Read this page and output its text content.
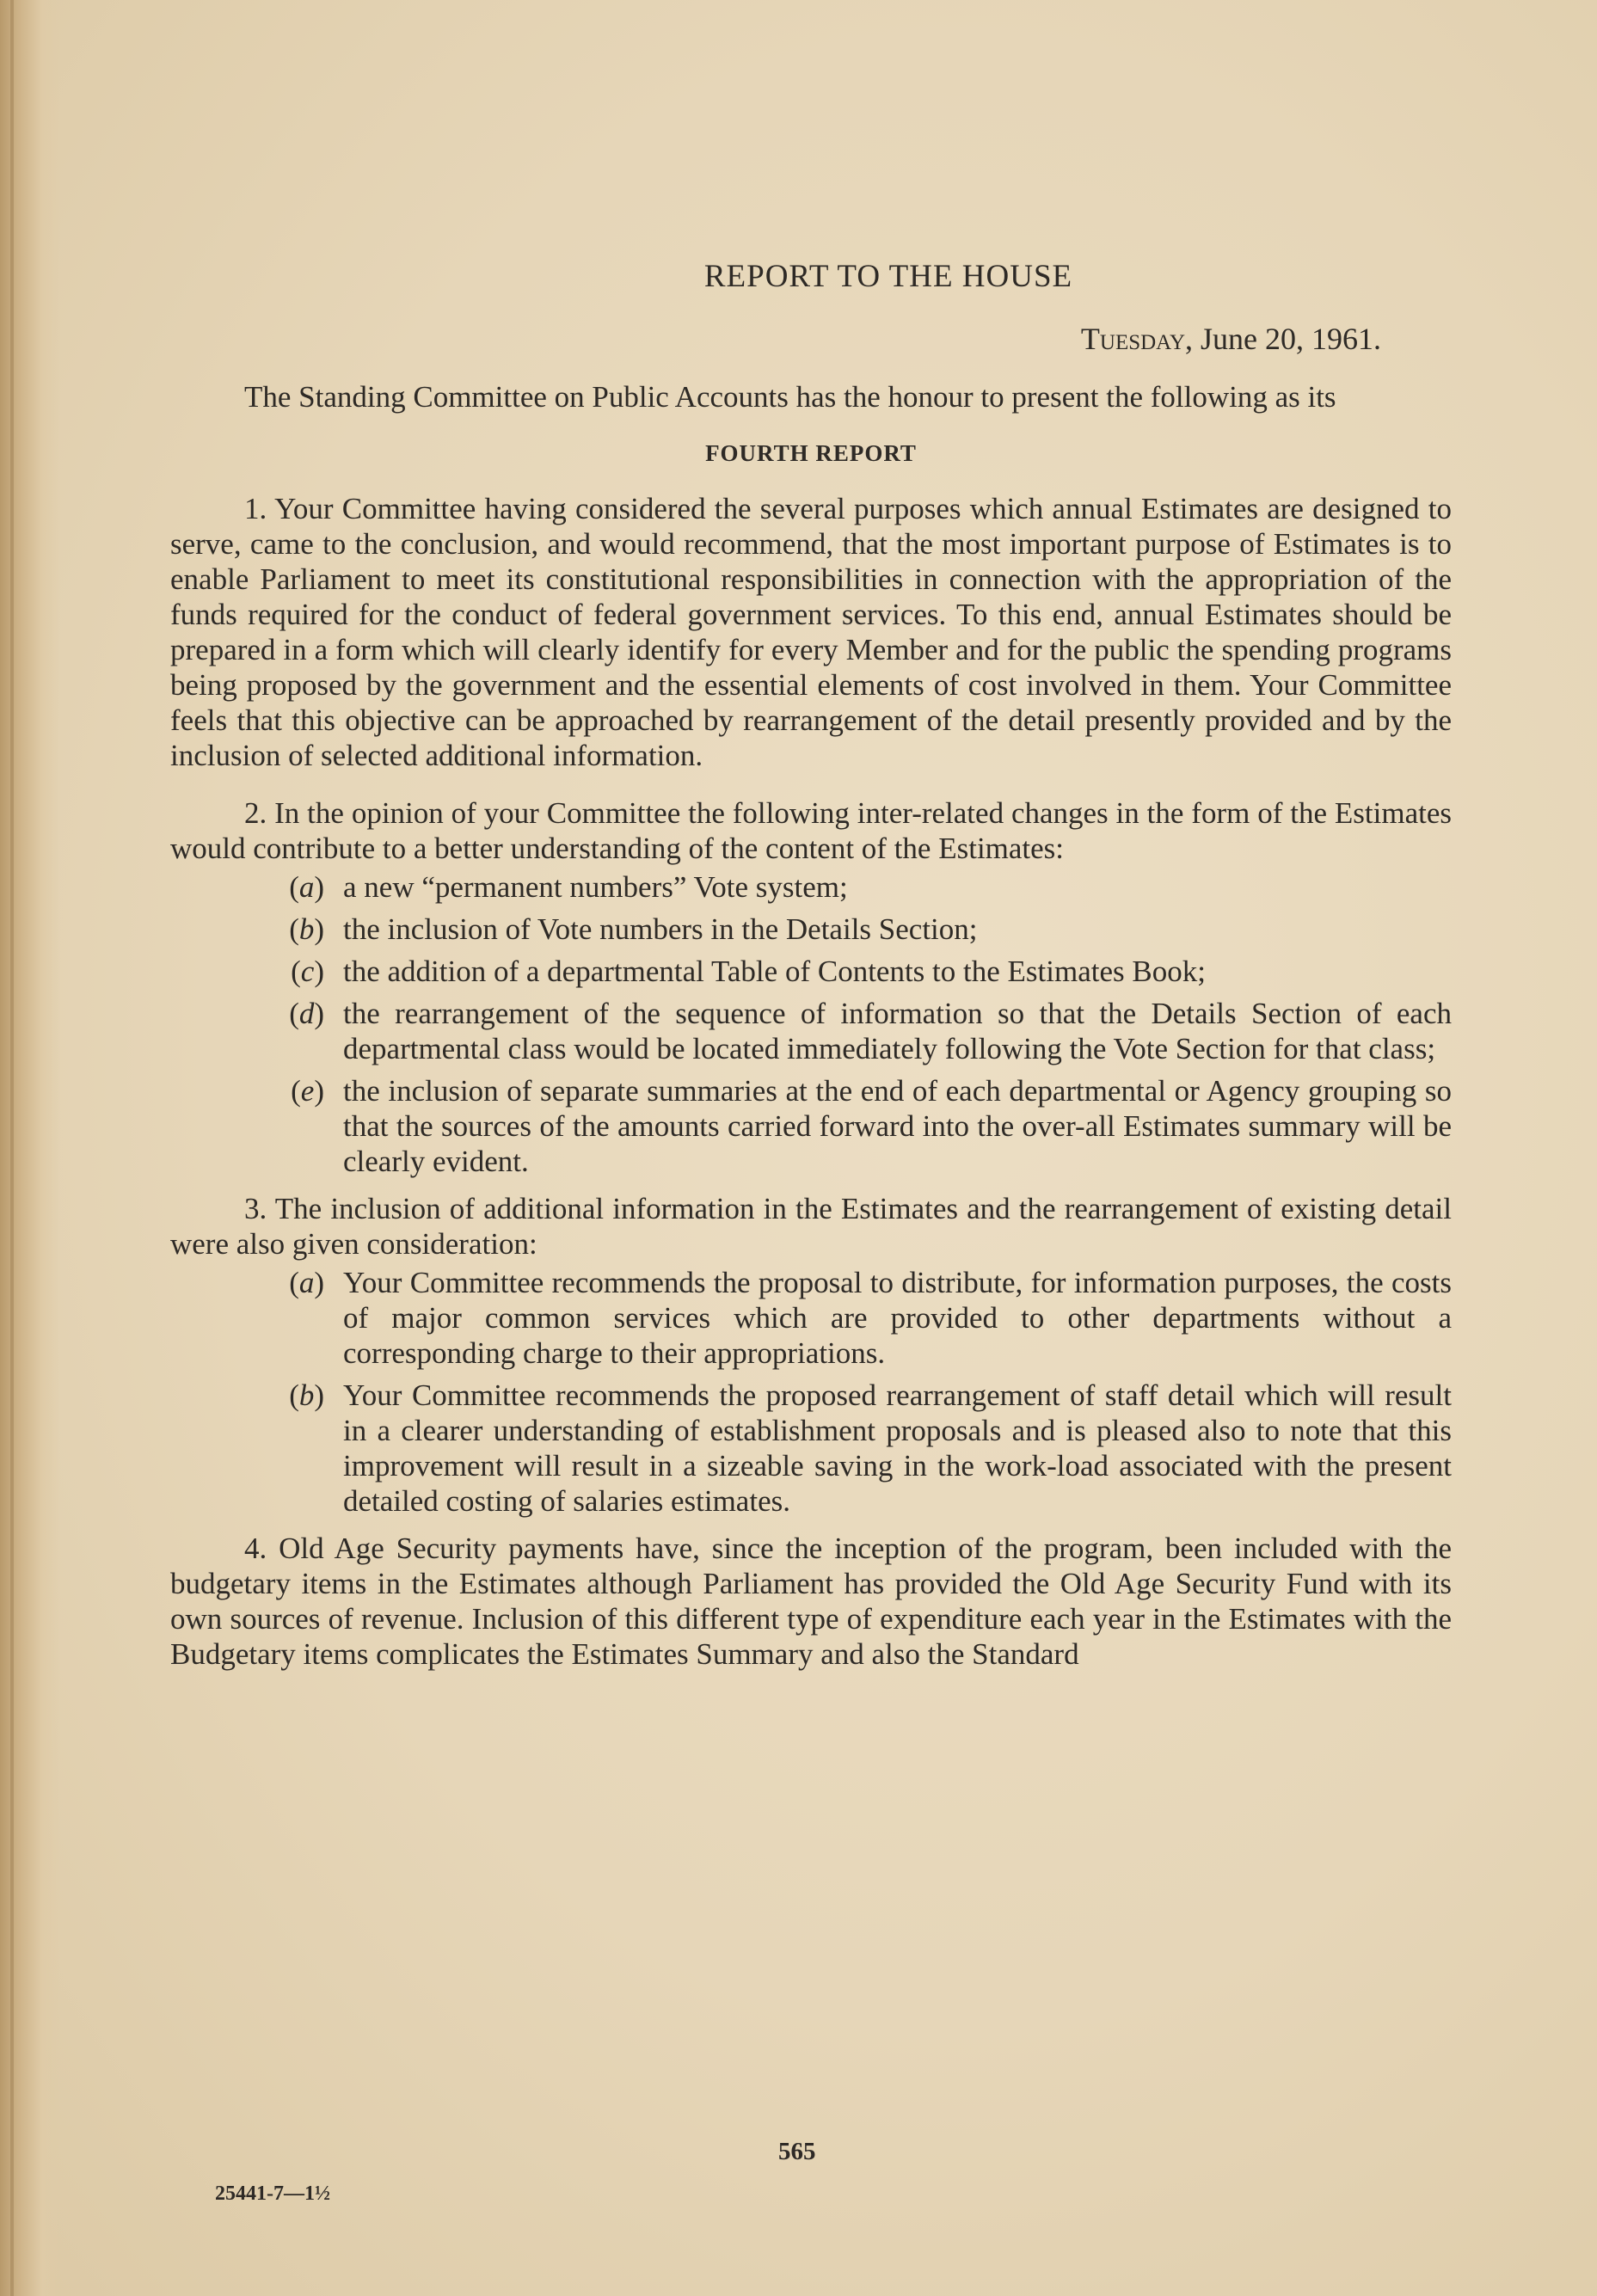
REPORT TO THE HOUSE
Tuesday, June 20, 1961.

The Standing Committee on Public Accounts has the honour to present the following as its

FOURTH REPORT

1. Your Committee having considered the several purposes which annual Estimates are designed to serve, came to the conclusion, and would recommend, that the most important purpose of Estimates is to enable Parliament to meet its constitutional responsibilities in connection with the appropriation of the funds required for the conduct of federal government services. To this end, annual Estimates should be prepared in a form which will clearly identify for every Member and for the public the spending programs being proposed by the government and the essential elements of cost involved in them. Your Committee feels that this objective can be approached by rearrangement of the detail presently provided and by the inclusion of selected additional information.

2. In the opinion of your Committee the following inter-related changes in the form of the Estimates would contribute to a better understanding of the content of the Estimates:

(a) a new “permanent numbers” Vote system;
(b) the inclusion of Vote numbers in the Details Section;
(c) the addition of a departmental Table of Contents to the Estimates Book;
(d) the rearrangement of the sequence of information so that the Details Section of each departmental class would be located immediately following the Vote Section for that class;
(e) the inclusion of separate summaries at the end of each departmental or Agency grouping so that the sources of the amounts carried forward into the over-all Estimates summary will be clearly evident.

3. The inclusion of additional information in the Estimates and the rearrangement of existing detail were also given consideration:

(a) Your Committee recommends the proposal to distribute, for information purposes, the costs of major common services which are provided to other departments without a corresponding charge to their appropriations.
(b) Your Committee recommends the proposed rearrangement of staff detail which will result in a clearer understanding of establishment proposals and is pleased also to note that this improvement will result in a sizeable saving in the work-load associated with the present detailed costing of salaries estimates.

4. Old Age Security payments have, since the inception of the program, been included with the budgetary items in the Estimates although Parliament has provided the Old Age Security Fund with its own sources of revenue. Inclusion of this different type of expenditure each year in the Estimates with the Budgetary items complicates the Estimates Summary and also the Standard

565
25441-7—1½
